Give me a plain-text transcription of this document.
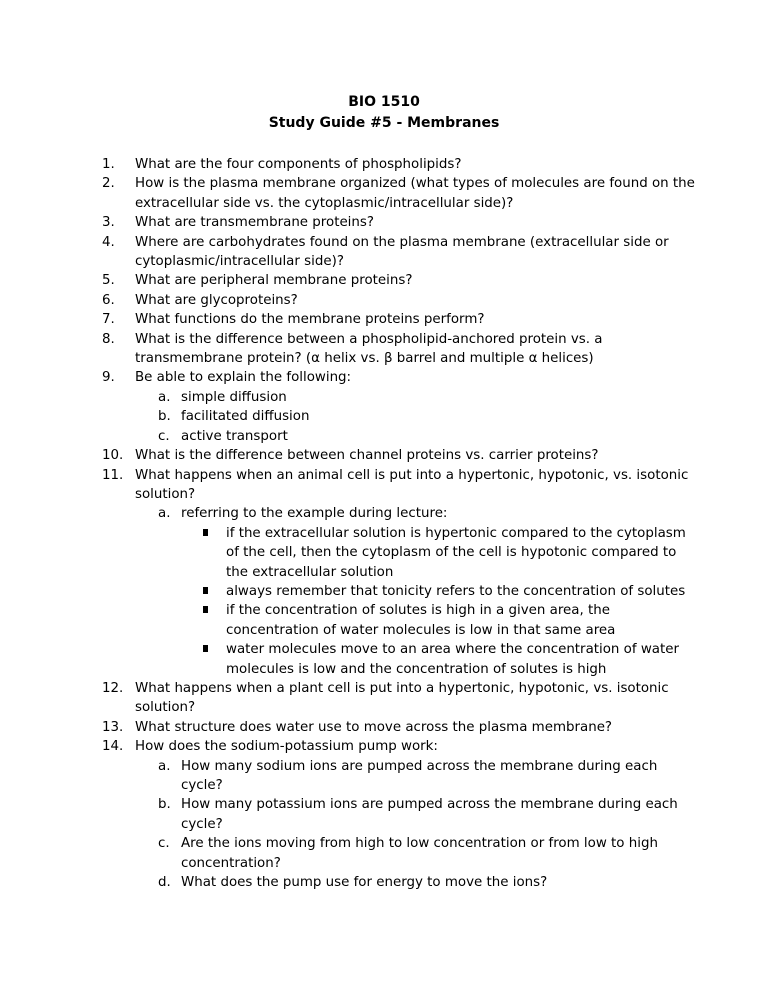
BIO 1510
Study Guide #5 - Membranes
1.	What are the four components of phospholipids?
2.	How is the plasma membrane organized (what types of molecules are found on the extracellular side vs. the cytoplasmic/intracellular side)?
3.	What are transmembrane proteins?
4.	Where are carbohydrates found on the plasma membrane (extracellular side or cytoplasmic/intracellular side)?
5.	What are peripheral membrane proteins?
6.	What are glycoproteins?
7.	What functions do the membrane proteins perform?
8.	What is the difference between a phospholipid-anchored protein vs. a transmembrane protein? (α helix vs. β barrel and multiple α helices)
9.	Be able to explain the following:
a. simple diffusion
b. facilitated diffusion
c. active transport
10. What is the difference between channel proteins vs. carrier proteins?
11. What happens when an animal cell is put into a hypertonic, hypotonic, vs. isotonic solution?
a. referring to the example during lecture:
if the extracellular solution is hypertonic compared to the cytoplasm of the cell, then the cytoplasm of the cell is hypotonic compared to the extracellular solution
always remember that tonicity refers to the concentration of solutes
if the concentration of solutes is high in a given area, the concentration of water molecules is low in that same area
water molecules move to an area where the concentration of water molecules is low and the concentration of solutes is high
12. What happens when a plant cell is put into a hypertonic, hypotonic, vs. isotonic solution?
13. What structure does water use to move across the plasma membrane?
14. How does the sodium-potassium pump work:
a. How many sodium ions are pumped across the membrane during each cycle?
b. How many potassium ions are pumped across the membrane during each cycle?
c. Are the ions moving from high to low concentration or from low to high concentration?
d. What does the pump use for energy to move the ions?
